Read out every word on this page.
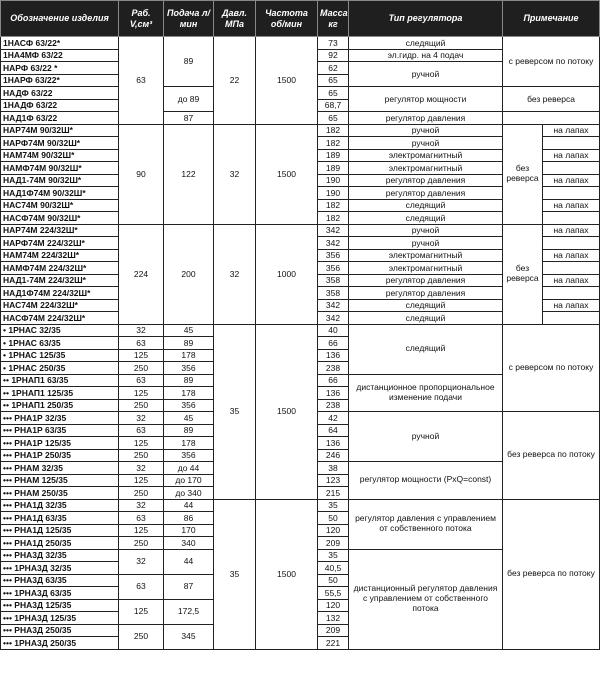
Обозначение изделия	Раб. V,см³	Подача л/мин	Давл. МПа	Частота об/мин	Масса кг	Тип регулятора	Примечание	
1НАСФ 63/22*	63	89	22	1500	73	следящий	с реверсом по потоку	
1НА4МФ 63/22					92	эл.гидр. на 4 подач		
НАРФ 63/22 *					62	ручной		
1НАРФ 63/22*					65			
НАДФ 63/22		до 89			65	регулятор мощности	без реверса	
1НАДФ 63/22					68,7			
НАД1Ф 63/22		87			65	регулятор давления		
НАР74М 90/32Ш*	90	122	32	1500	182	ручной	без реверса	на лапах
НАРФ74М 90/32Ш*					182	ручной		
НАМ74М 90/32Ш*					189	электромагнитный		на лапах
НАМФ74М 90/32Ш*					189	электромагнитный		
НАД1-74М 90/32Ш*					190	регулятор давления		на лапах
НАД1Ф74М 90/32Ш*					190	регулятор давления		
НАС74М 90/32Ш*					182	следящий		на лапах
НАСФ74М 90/32Ш*					182	следящий		
НАР74М 224/32Ш*	224	200	32	1000	342	ручной	без реверса	на лапах
НАРФ74М 224/32Ш*					342	ручной		
НАМ74М 224/32Ш*					356	электромагнитный		на лапах
НАМФ74М 224/32Ш*					356	электромагнитный		
НАД1-74М 224/32Ш*					358	регулятор давления		на лапах
НАД1Ф74М 224/32Ш*					358	регулятор давления		
НАС74М 224/32Ш*					342	следящий		на лапах
НАСФ74М 224/32Ш*					342	следящий		
• 1РНАС 32/35	32	45	35	1500	40	следящий	с реверсом по потоку	
• 1РНАС 63/35	63	89			66			
• 1РНАС 125/35	125	178			136			
• 1РНАС 250/35	250	356			238			
•• 1РНАП1 63/35	63	89			66	дистанционное пропорциональное изменение подачи		
•• 1РНАП1 125/35	125	178			136			
•• 1РНАП1 250/35	250	356			238			
••• РНА1Р 32/35	32	45			42	ручной	без реверса по потоку	
••• РНА1Р 63/35	63	89			64			
••• РНА1Р 125/35	125	178			136			
••• РНА1Р 250/35	250	356			246			
••• РНАМ 32/35	32	до 44			38	регулятор мощности (PxQ=const)		
••• РНАМ 125/35	125	до 170			123			
••• РНАМ 250/35	250	до 340			215			
••• РНА1Д 32/35	32	44	35	1500	35	регулятор давления с управлением от собственного потока	без реверса по потоку	
••• РНА1Д 63/35	63	86			50			
••• РНА1Д 125/35	125	170			120			
••• РНА1Д 250/35	250	340			209			
••• РНА3Д 32/35	32	44			35	дистанционный регулятор давления с управлением от собственного потока		
••• 1РНА3Д 32/35					40,5			
••• РНА3Д 63/35	63	87			50			
••• 1РНА3Д 63/35					55,5			
••• РНА3Д 125/35	125	172,5			120			
••• 1РНА3Д 125/35					132			
••• РНА3Д 250/35	250	345			209			
••• 1РНА3Д 250/35					221			
